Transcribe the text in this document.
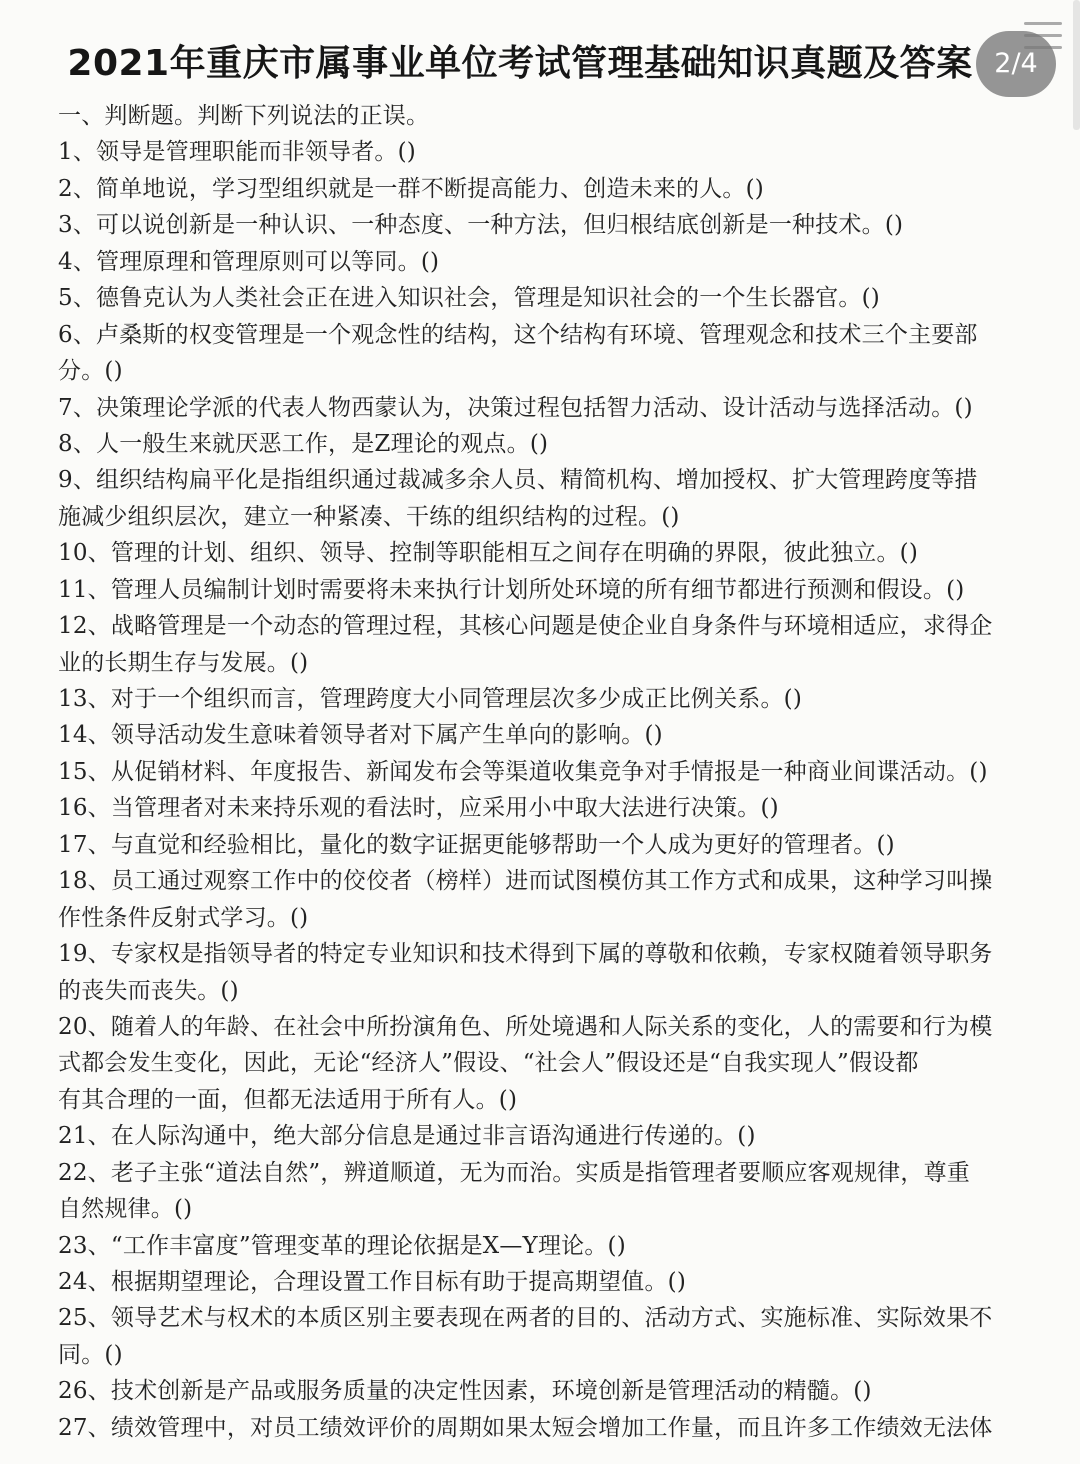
2021年重庆市属事业单位考试管理基础知识真题及答案
一、判断题。判断下列说法的正误。
1、领导是管理职能而非领导者。()
2、简单地说，学习型组织就是一群不断提高能力、创造未来的人。()
3、可以说创新是一种认识、一种态度、一种方法，但归根结底创新是一种技术。()
4、管理原理和管理原则可以等同。()
5、德鲁克认为人类社会正在进入知识社会，管理是知识社会的一个生长器官。()
6、卢桑斯的权变管理是一个观念性的结构，这个结构有环境、管理观念和技术三个主要部
分。()
7、决策理论学派的代表人物西蒙认为，决策过程包括智力活动、设计活动与选择活动。()
8、人一般生来就厌恶工作，是Z理论的观点。()
9、组织结构扁平化是指组织通过裁减多余人员、精简机构、增加授权、扩大管理跨度等措
施减少组织层次，建立一种紧凑、干练的组织结构的过程。()
10、管理的计划、组织、领导、控制等职能相互之间存在明确的界限，彼此独立。()
11、管理人员编制计划时需要将未来执行计划所处环境的所有细节都进行预测和假设。()
12、战略管理是一个动态的管理过程，其核心问题是使企业自身条件与环境相适应，求得企
业的长期生存与发展。()
13、对于一个组织而言，管理跨度大小同管理层次多少成正比例关系。()
14、领导活动发生意味着领导者对下属产生单向的影响。()
15、从促销材料、年度报告、新闻发布会等渠道收集竞争对手情报是一种商业间谍活动。()
16、当管理者对未来持乐观的看法时，应采用小中取大法进行决策。()
17、与直觉和经验相比，量化的数字证据更能够帮助一个人成为更好的管理者。()
18、员工通过观察工作中的佼佼者（榜样）进而试图模仿其工作方式和成果，这种学习叫操
作性条件反射式学习。()
19、专家权是指领导者的特定专业知识和技术得到下属的尊敬和依赖，专家权随着领导职务
的丧失而丧失。()
20、随着人的年龄、在社会中所扮演角色、所处境遇和人际关系的变化，人的需要和行为模
式都会发生变化，因此，无论“经济人”假设、“社会人”假设还是“自我实现人”假设都
有其合理的一面，但都无法适用于所有人。()
21、在人际沟通中，绝大部分信息是通过非言语沟通进行传递的。()
22、老子主张“道法自然”，辨道顺道，无为而治。实质是指管理者要顺应客观规律，尊重
自然规律。()
23、“工作丰富度”管理变革的理论依据是X—Y理论。()
24、根据期望理论，合理设置工作目标有助于提高期望值。()
25、领导艺术与权术的本质区别主要表现在两者的目的、活动方式、实施标准、实际效果不
同。()
26、技术创新是产品或服务质量的决定性因素，环境创新是管理活动的精髓。()
27、绩效管理中，对员工绩效评价的周期如果太短会增加工作量，而且许多工作绩效无法体
2/4
